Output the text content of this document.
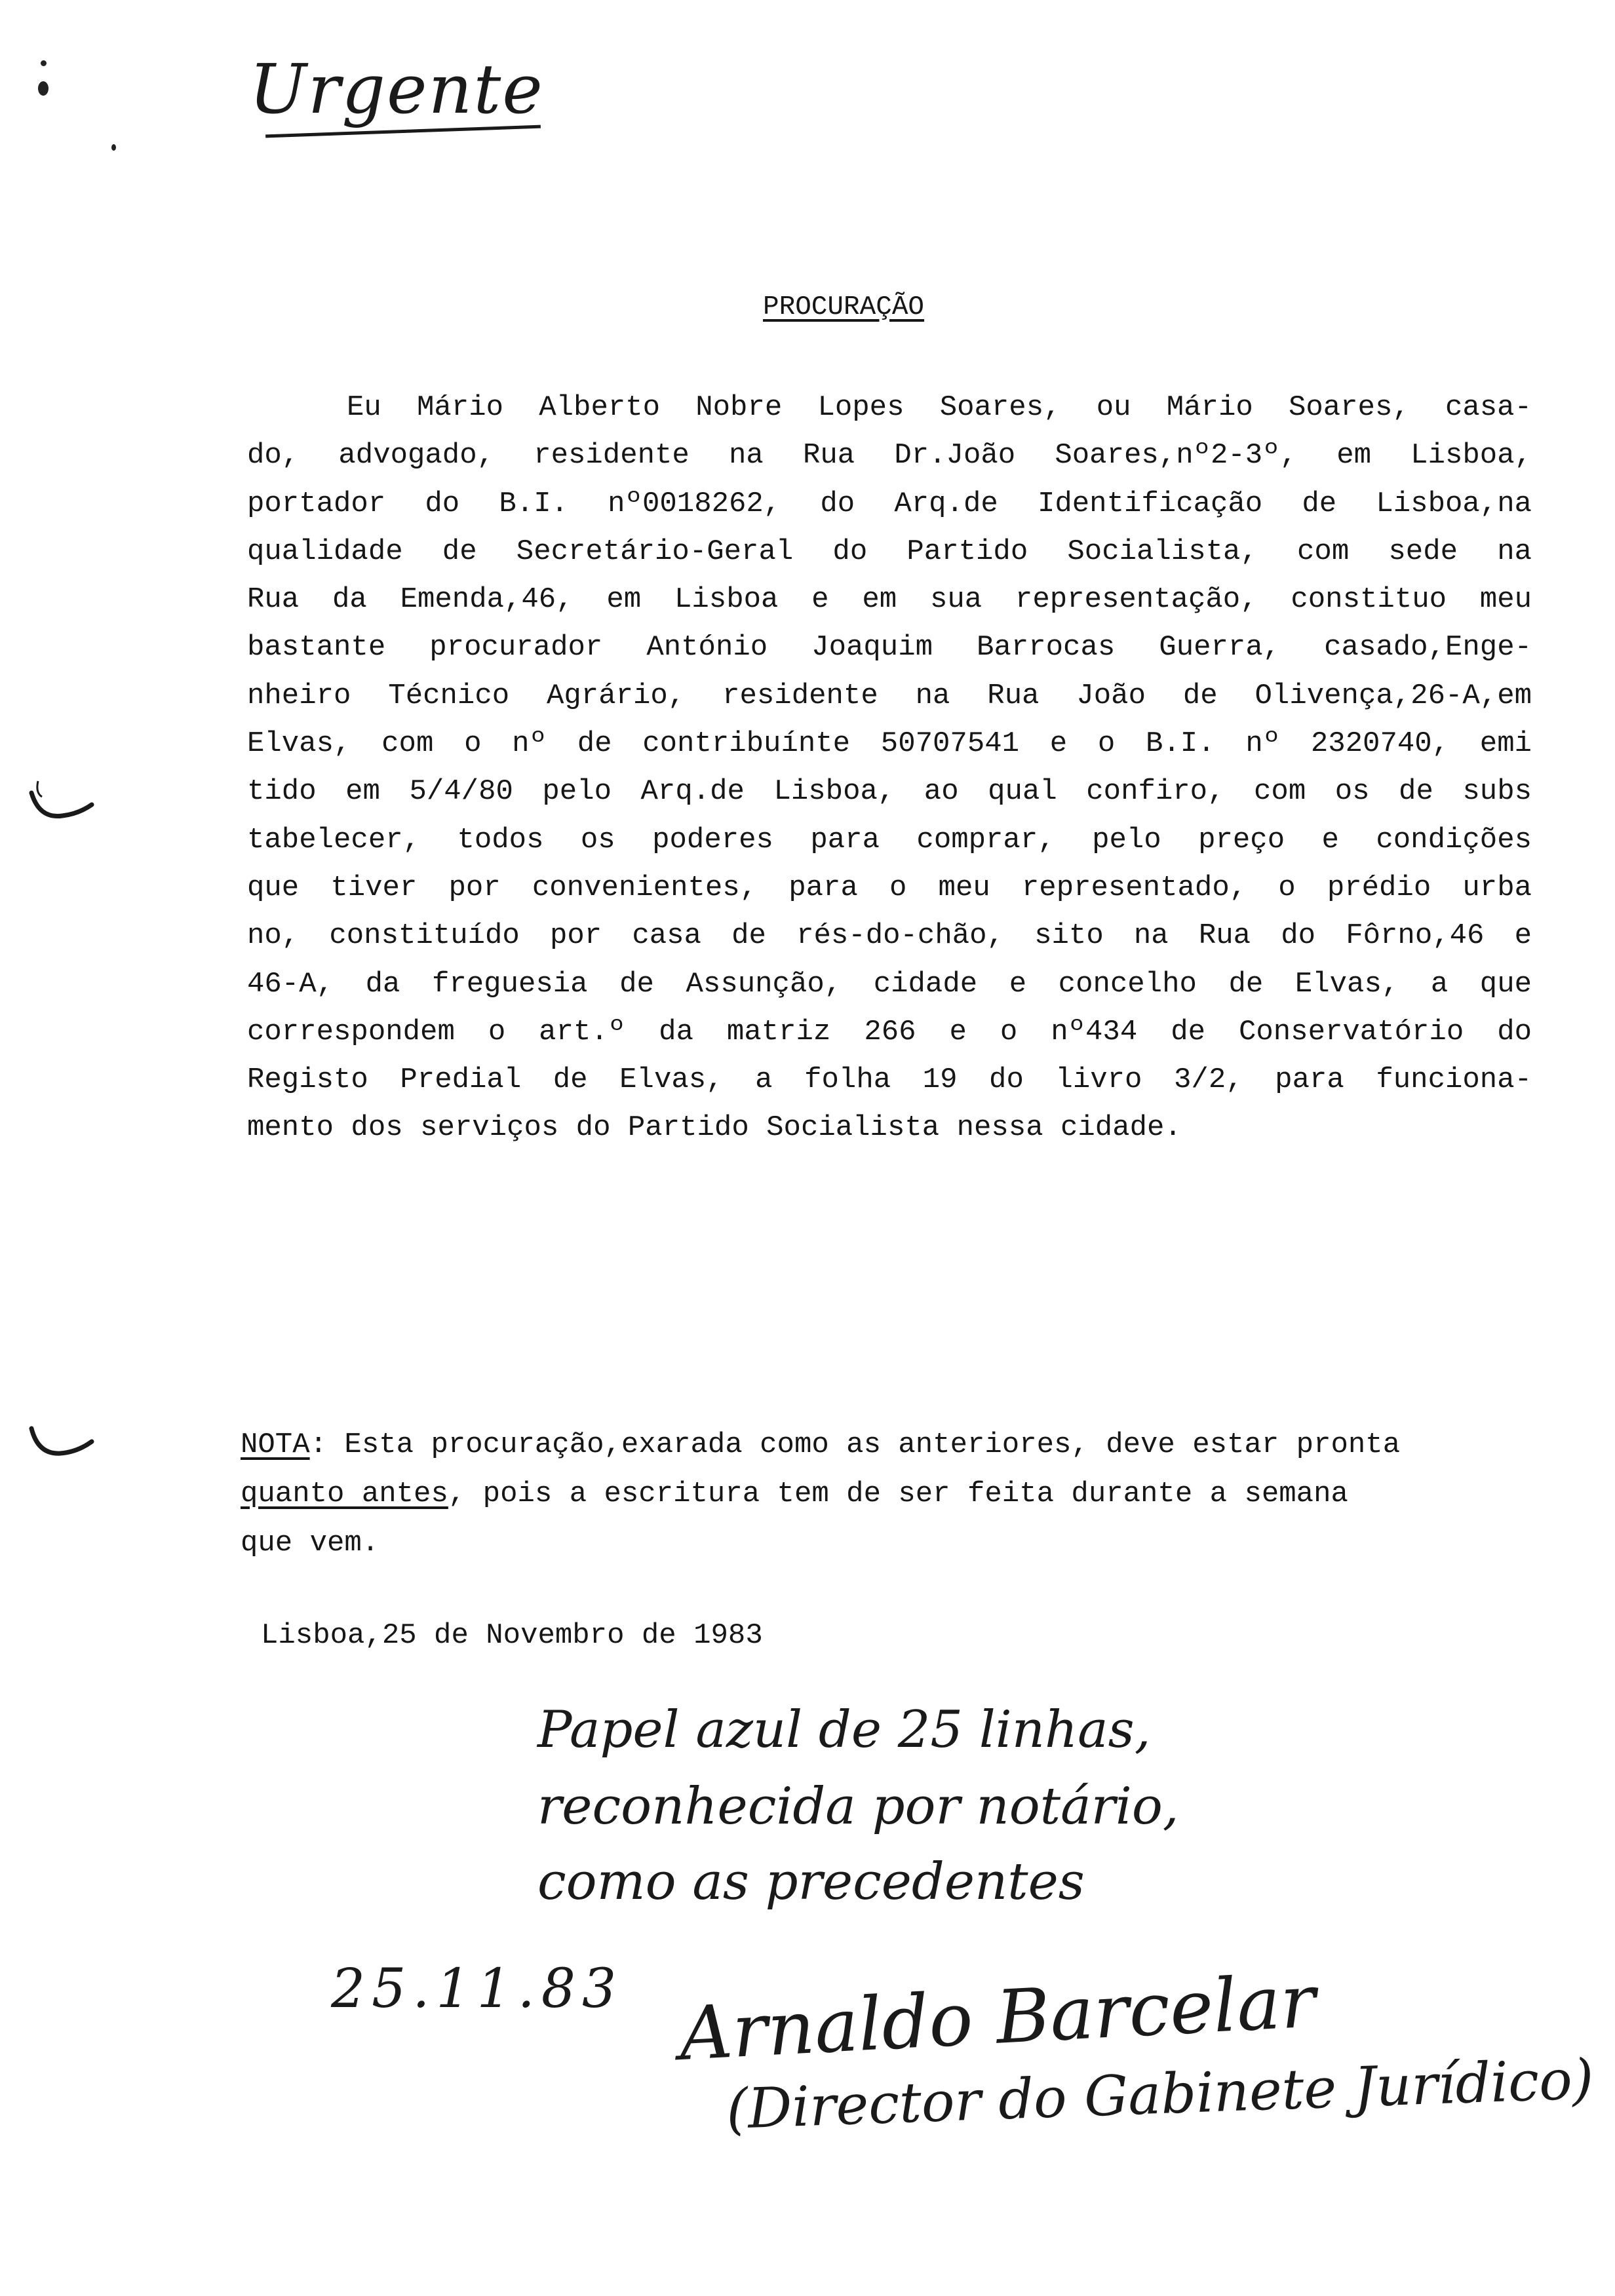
Urgente
PROCURAÇÃO
Eu Mário Alberto Nobre Lopes Soares, ou Mário Soares, casa-
do, advogado, residente na Rua Dr.João Soares,nº2-3º, em Lisboa,
portador do B.I. nº0018262, do Arq.de Identificação de Lisboa,na
qualidade de Secretário-Geral do Partido Socialista, com sede na
Rua da Emenda,46, em Lisboa e em sua representação, constituo meu
bastante procurador António Joaquim Barrocas Guerra, casado,Enge-
nheiro Técnico Agrário, residente na Rua João de Olivença,26-A,em
Elvas, com o nº de contribuínte 50707541 e o B.I. nº 2320740, emi
tido em 5/4/80 pelo Arq.de Lisboa, ao qual confiro, com os de subs
tabelecer, todos os poderes para comprar, pelo preço e condições
que tiver por convenientes, para o meu representado, o prédio urba
no, constituído por casa de rés-do-chão, sito na Rua do Fôrno,46 e
46-A, da freguesia de Assunção, cidade e concelho de Elvas, a que
correspondem o art.º da matriz 266 e o nº434 de Conservatório do
Registo Predial de Elvas, a folha 19 do livro 3/2, para funciona-
mento dos serviços do Partido Socialista nessa cidade.
NOTA: Esta procuração,exarada como as anteriores, deve estar pronta
quanto antes, pois a escritura tem de ser feita durante a semana
que vem.
Lisboa,25 de Novembro de 1983
Papel azul de 25 linhas,
reconhecida por notário,
como as precedentes
25.11.83 Arnaldo Barcelar
(Director do Gabinete Jurídico)
